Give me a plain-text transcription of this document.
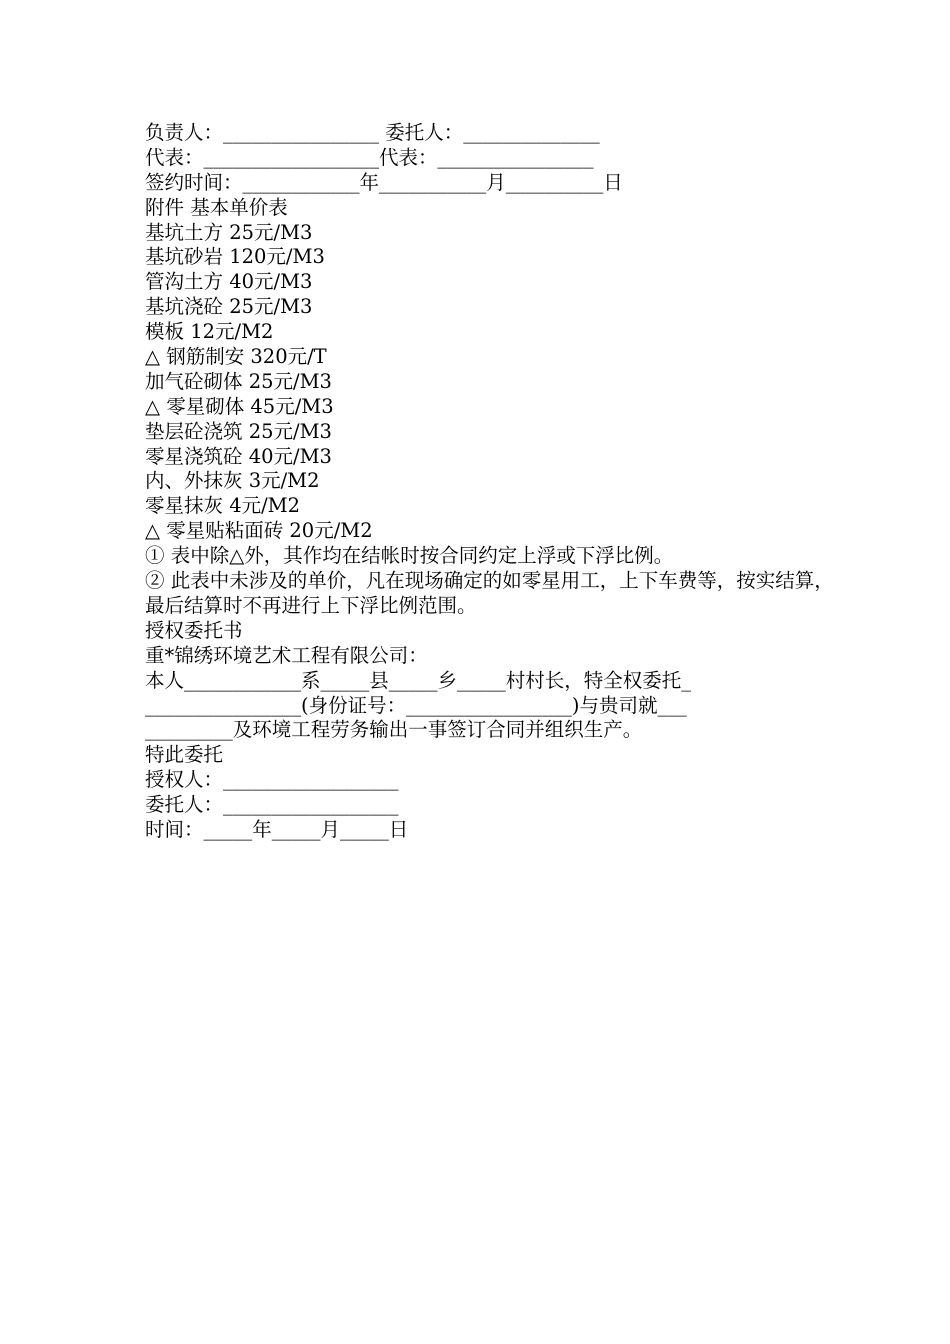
负责人：________________ 委托人：______________
代表：__________________代表：________________
签约时间：____________年___________月__________日
附件 基本单价表
基坑土方 25元/M3
基坑砂岩 120元/M3
管沟土方 40元/M3
基坑浇砼 25元/M3
模板 12元/M2
△ 钢筋制安 320元/T
加气砼砌体 25元/M3
△ 零星砌体 45元/M3
垫层砼浇筑 25元/M3
零星浇筑砼 40元/M3
内、外抹灰 3元/M2
零星抹灰 4元/M2
△ 零星贴粘面砖 20元/M2
① 表中除△外，其作均在结帐时按合同约定上浮或下浮比例。
② 此表中未涉及的单价，凡在现场确定的如零星用工，上下车费等，按实结算，最后结算时不再进行上下浮比例范围。
授权委托书
重*锦绣环境艺术工程有限公司：
本人____________系_____县_____乡_____村村长，特全权委托_
________________(身份证号：_________________)与贵司就___
_________及环境工程劳务输出一事签订合同并组织生产。
特此委托
授权人：__________________
委托人：__________________
时间：_____年_____月_____日
